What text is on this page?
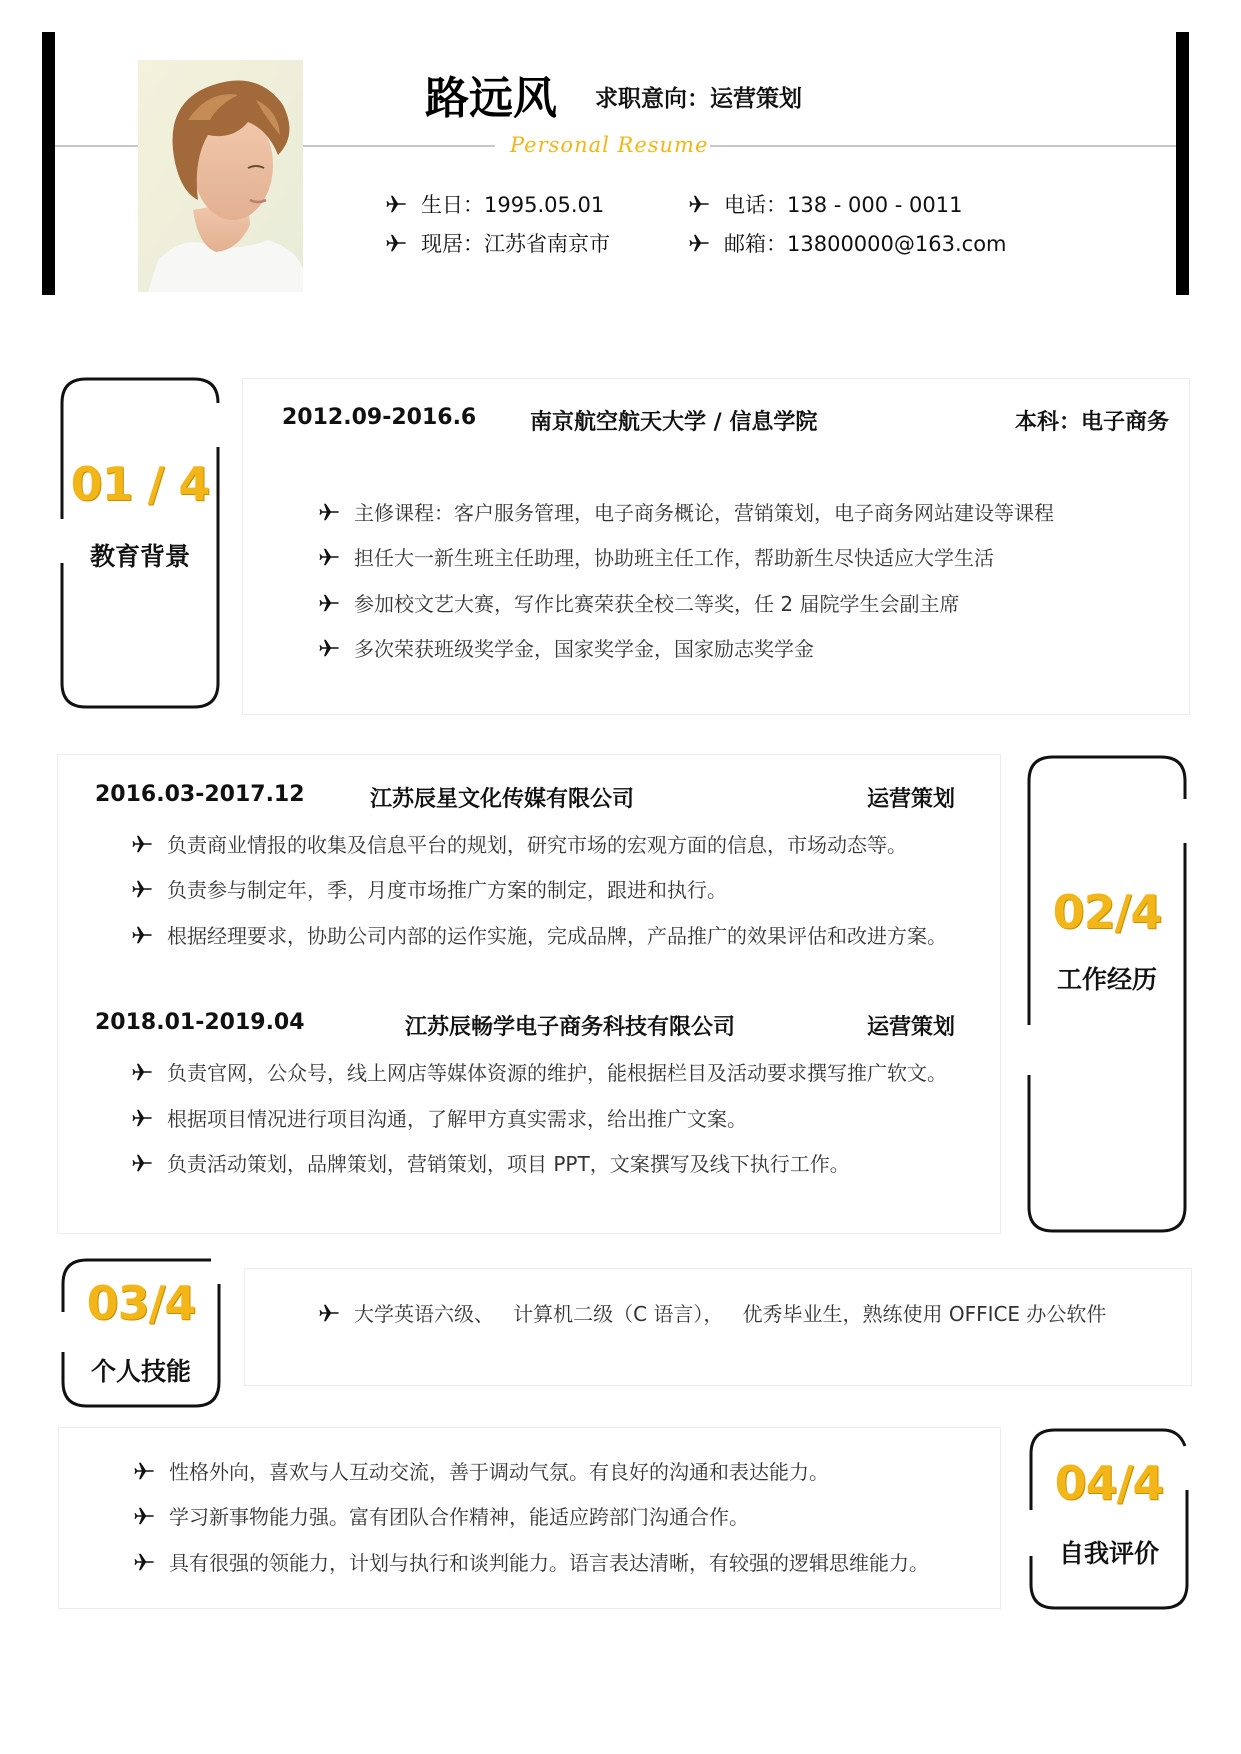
路远风 求职意向：运营策划
Personal Resume
生日：1995.05.01
现居：江苏省南京市
电话：138 - 000 - 0011
邮箱：13800000@163.com
01 / 4
教育背景
2012.09-2016.6 南京航空航天大学 / 信息学院	本科：电子商务
主修课程：客户服务管理，电子商务概论，营销策划，电子商务网站建设等课程
担任大一新生班主任助理，协助班主任工作，帮助新生尽快适应大学生活
参加校文艺大赛，写作比赛荣获全校二等奖，任 2 届院学生会副主席
多次荣获班级奖学金，国家奖学金，国家励志奖学金
2016.03-2017.12	江苏辰星文化传媒有限公司	运营策划
负责商业情报的收集及信息平台的规划，研究市场的宏观方面的信息，市场动态等。
负责参与制定年，季，月度市场推广方案的制定，跟进和执行。
根据经理要求，协助公司内部的运作实施，完成品牌，产品推广的效果评估和改进方案。
2018.01-2019.04	江苏辰畅学电子商务科技有限公司	运营策划
负责官网，公众号，线上网店等媒体资源的维护，能根据栏目及活动要求撰写推广软文。
根据项目情况进行项目沟通，了解甲方真实需求，给出推广文案。
负责活动策划，品牌策划，营销策划，项目 PPT，文案撰写及线下执行工作。
02/4
工作经历
03/4
个人技能
大学英语六级、   计算机二级（C 语言），   优秀毕业生，熟练使用 OFFICE 办公软件
性格外向，喜欢与人互动交流，善于调动气氛。有良好的沟通和表达能力。
学习新事物能力强。富有团队合作精神，能适应跨部门沟通合作。
具有很强的领能力，计划与执行和谈判能力。语言表达清晰，有较强的逻辑思维能力。
04/4
自我评价
